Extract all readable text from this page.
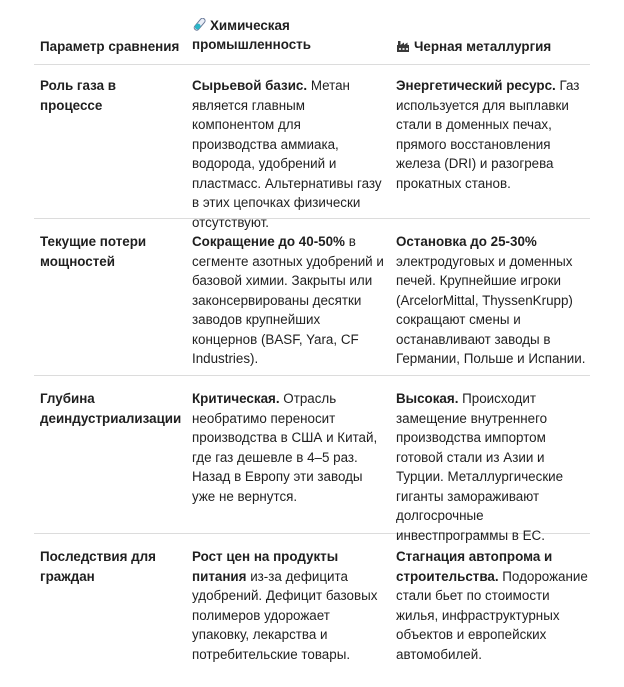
Параметр сравнения
Химическая промышленность	Черная металлургия
Роль газа в процессе
Сырьевой базис. Метан является главным компонентом для производства аммиака, водорода, удобрений и пластмасс. Альтернативы газу в этих цепочках физически отсутствуют.
Энергетический ресурс. Газ используется для выплавки стали в доменных печах, прямого восстановления железа (DRI) и разогрева прокатных станов.
Текущие потери мощностей
Сокращение до 40-50% в сегменте азотных удобрений и базовой химии. Закрыты или законсервированы десятки заводов крупнейших концернов (BASF, Yara, CF Industries).
Остановка до 25-30% электродуговых и доменных печей. Крупнейшие игроки (ArcelorMittal, ThyssenKrupp) сокращают смены и останавливают заводы в Германии, Польше и Испании.
Глубина деиндустриализации
Критическая. Отрасль необратимо переносит производства в США и Китай, где газ дешевле в 4–5 раз. Назад в Европу эти заводы уже не вернутся.
Высокая. Происходит замещение внутреннего производства импортом готовой стали из Азии и Турции. Металлургические гиганты замораживают долгосрочные инвестпрограммы в ЕС.
Последствия для граждан
Рост цен на продукты питания из-за дефицита удобрений. Дефицит базовых полимеров удорожает упаковку, лекарства и потребительские товары.
Стагнация автопрома и строительства. Подорожание стали бьет по стоимости жилья, инфраструктурных объектов и европейских автомобилей.
